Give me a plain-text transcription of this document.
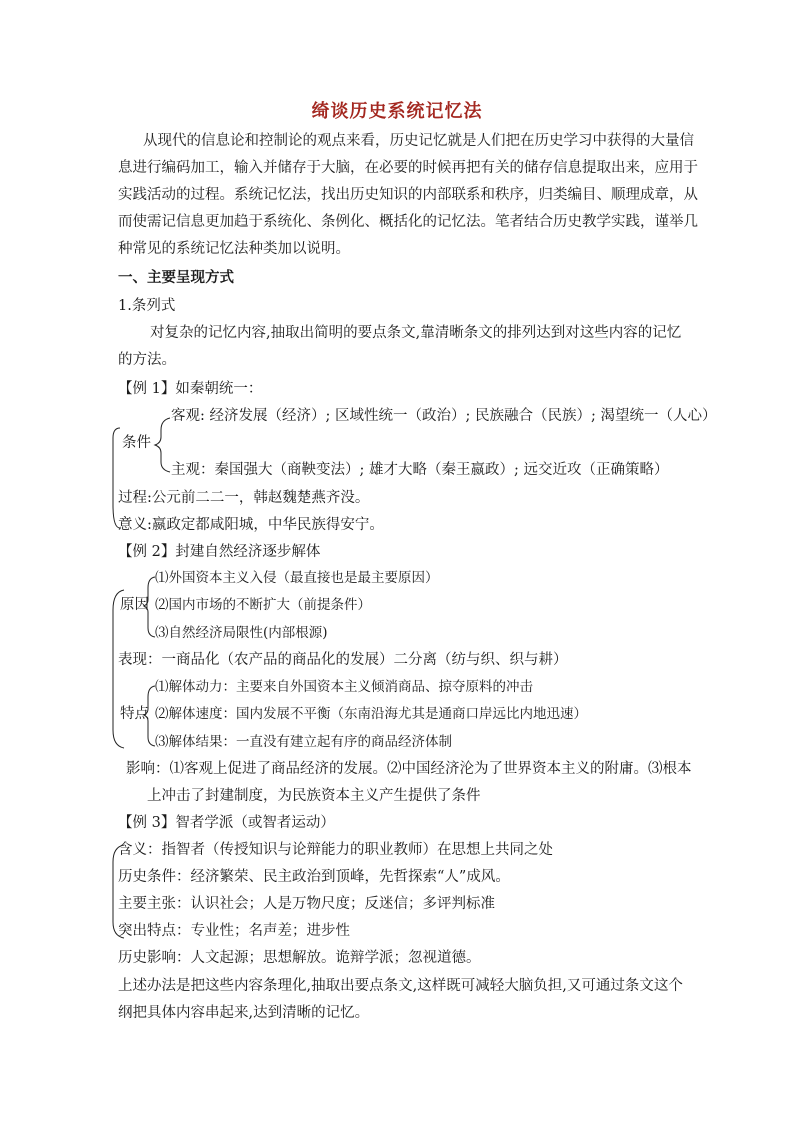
绮谈历史系统记忆法
从现代的信息论和控制论的观点来看，历史记忆就是人们把在历史学习中获得的大量信
息进行编码加工，输入并储存于大脑，在必要的时候再把有关的储存信息提取出来，应用于
实践活动的过程。系统记忆法，找出历史知识的内部联系和秩序，归类编目、顺理成章，从
而使需记信息更加趋于系统化、条例化、概括化的记忆法。笔者结合历史教学实践，谨举几
种常见的系统记忆法种类加以说明。
一、主要呈现方式
1.条列式
对复杂的记忆内容,抽取出简明的要点条文,靠清晰条文的排列达到对这些内容的记忆
的方法。
【例 1】如秦朝统一：
客观: 经济发展（经济）; 区域性统一（政治）; 民族融合（民族）; 渴望统一（人心）
条件
主观：秦国强大（商鞅变法）; 雄才大略（秦王嬴政）; 远交近攻（正确策略）
过程:公元前二二一，韩赵魏楚燕齐没。
意义:嬴政定都咸阳城，中华民族得安宁。
【例 2】封建自然经济逐步解体
⑴外国资本主义入侵（最直接也是最主要原因）
原因 ⑵国内市场的不断扩大（前提条件）
⑶自然经济局限性(内部根源)
表现：一商品化（农产品的商品化的发展）二分离（纺与织、织与耕）
⑴解体动力：主要来自外国资本主义倾消商品、掠夺原料的冲击
特点 ⑵解体速度：国内发展不平衡（东南沿海尤其是通商口岸远比内地迅速）
⑶解体结果：一直没有建立起有序的商品经济体制
影响：⑴客观上促进了商品经济的发展。⑵中国经济沦为了世界资本主义的附庸。⑶根本
上冲击了封建制度，为民族资本主义产生提供了条件
【例 3】智者学派（或智者运动）
含义：指智者（传授知识与论辩能力的职业教师）在思想上共同之处
历史条件：经济繁荣、民主政治到顶峰，先哲探索“人”成风。
主要主张：认识社会；人是万物尺度；反迷信；多评判标准
突出特点：专业性；名声差；进步性
历史影响：人文起源；思想解放。诡辩学派；忽视道德。
上述办法是把这些内容条理化,抽取出要点条文,这样既可减轻大脑负担,又可通过条文这个
纲把具体内容串起来,达到清晰的记忆。
